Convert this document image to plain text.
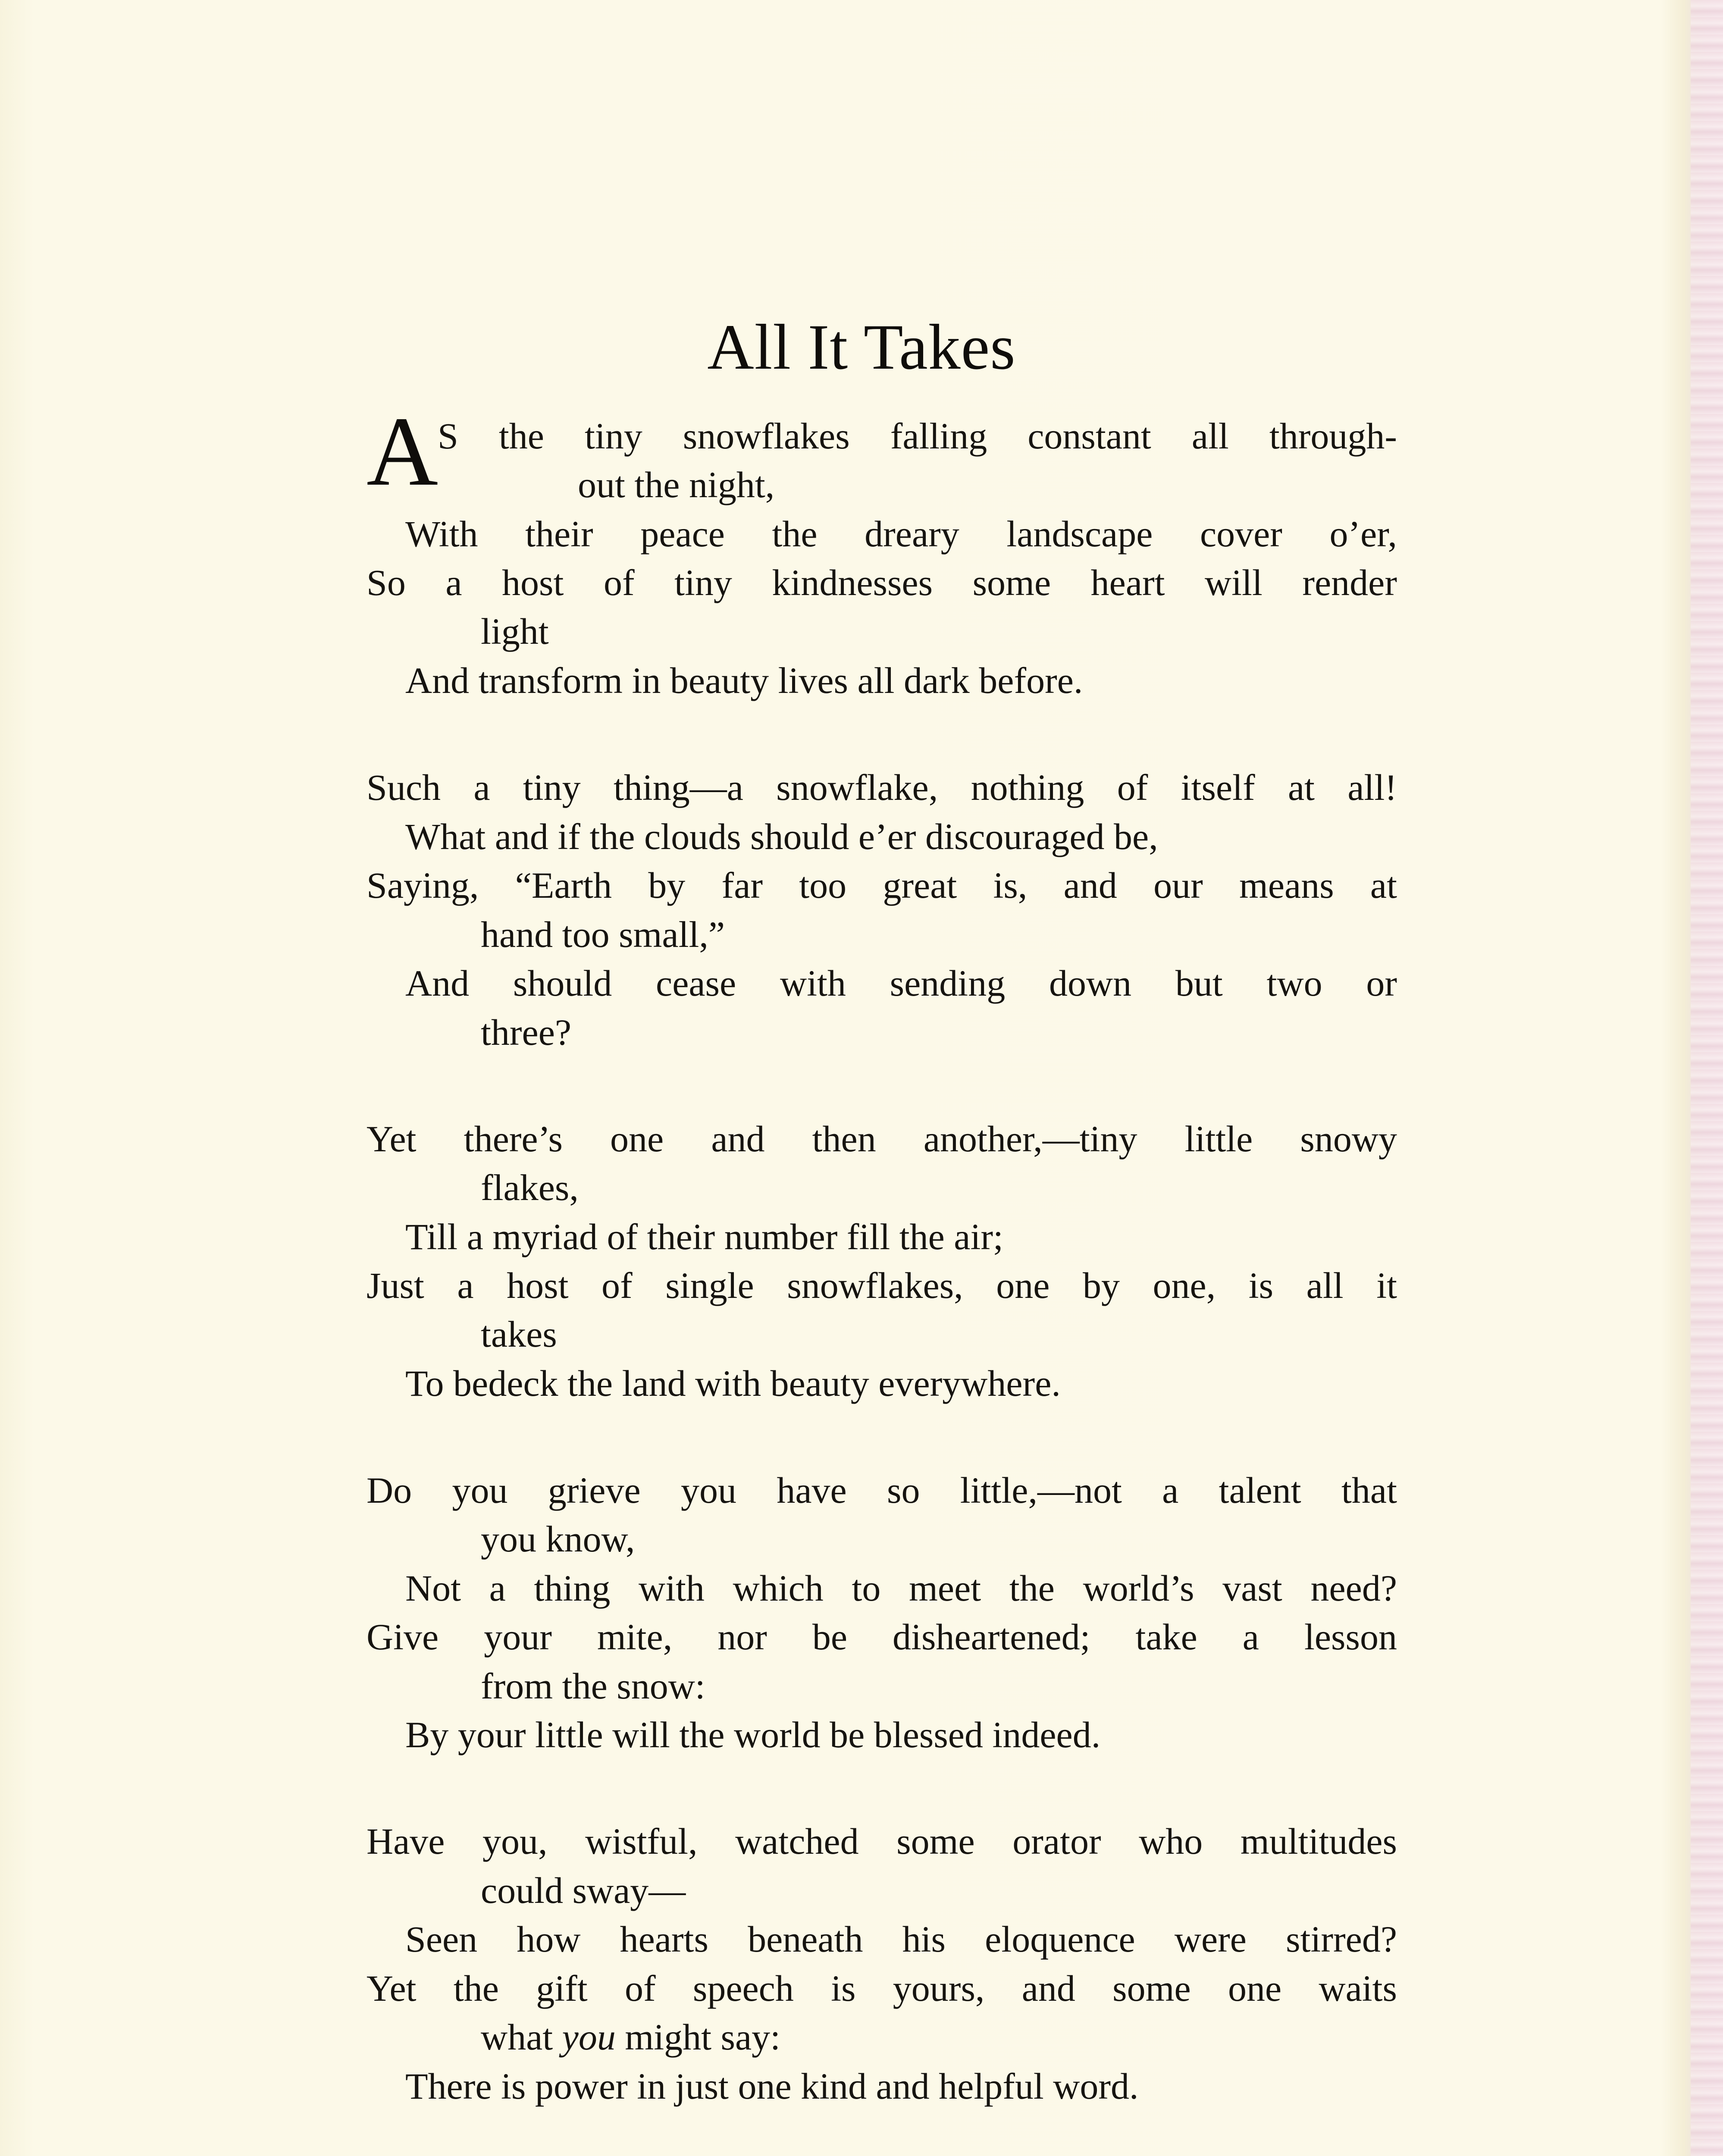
All It Takes
A
S the tiny snowflakes falling constant all through-
out the night,
With their peace the dreary landscape cover o’er,
So a host of tiny kindnesses some heart will render
light
And transform in beauty lives all dark before.
Such a tiny thing—a snowflake, nothing of itself at all!
What and if the clouds should e’er discouraged be,
Saying, “Earth by far too great is, and our means at
hand too small,”
And should cease with sending down but two or
three?
Yet there’s one and then another,—tiny little snowy
flakes,
Till a myriad of their number fill the air;
Just a host of single snowflakes, one by one, is all it
takes
To bedeck the land with beauty everywhere.
Do you grieve you have so little,—not a talent that
you know,
Not a thing with which to meet the world’s vast need?
Give your mite, nor be disheartened; take a lesson
from the snow:
By your little will the world be blessed indeed.
Have you, wistful, watched some orator who multitudes
could sway—
Seen how hearts beneath his eloquence were stirred?
Yet the gift of speech is yours, and some one waits
what you might say:
There is power in just one kind and helpful word.
